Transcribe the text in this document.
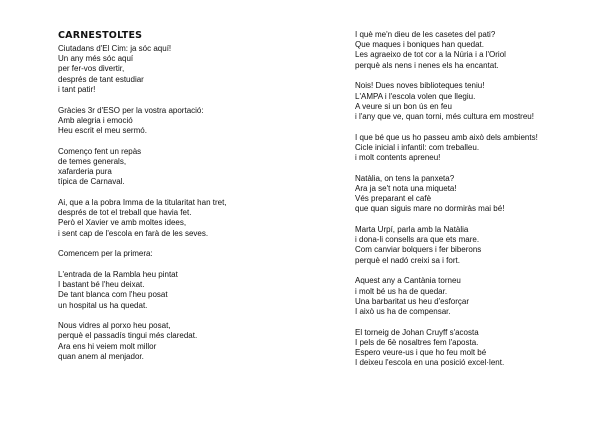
CARNESTOLTES
Ciutadans d'El Cim: ja sóc aquí!
Un any més sóc aquí
per fer-vos divertir,
després de tant estudiar
i tant patir!
Gràcies 3r d'ESO per la vostra aportació:
Amb alegria i emoció
Heu escrit el meu sermó.
Començo fent un repàs
de temes generals,
xafarderia pura
típica de Carnaval.
Ai, que a la pobra Imma de la titularitat han tret,
després de tot el treball que havia fet.
Però el Xavier ve amb moltes idees,
i sent cap de l'escola en farà de les seves.
Comencem per la primera:
L'entrada de la Rambla heu pintat
I bastant bé l'heu deixat.
De tant blanca com l'heu posat
un hospital us ha quedat.
Nous vidres al porxo heu posat,
perquè el passadís tingui més claredat.
Ara ens hi veiem molt millor
quan anem al menjador.
I què me'n dieu de les casetes del pati?
Que maques i boniques han quedat.
Les agraeixo de tot cor a la Núria i a l'Oriol
perquè als nens i nenes els ha encantat.
Nois! Dues noves biblioteques teniu!
L'AMPA i l'escola volen que llegiu.
A veure si un bon ús en feu
i l'any que ve, quan torni, més cultura em mostreu!
I que bé que us ho passeu amb això dels ambients!
Cicle inicial i infantil: com treballeu.
i molt contents apreneu!
Natàlia, on tens la panxeta?
Ara ja se't nota una miqueta!
Vés preparant el cafè
que quan siguis mare no dormiràs mai bé!
Marta Urpí, parla amb la Natàlia
i dona-li consells ara que ets mare.
Com canviar bolquers i fer biberons
perquè el nadó creixi sa i fort.
Aquest any a Cantània torneu
i molt bé us ha de quedar.
Una barbaritat us heu d'esforçar
I això us ha de compensar.
El torneig de Johan Cruyff s'acosta
I pels de 6è nosaltres fem l'aposta.
Espero veure-us i que ho feu molt bé
I deixeu l'escola en una posició excel·lent.
